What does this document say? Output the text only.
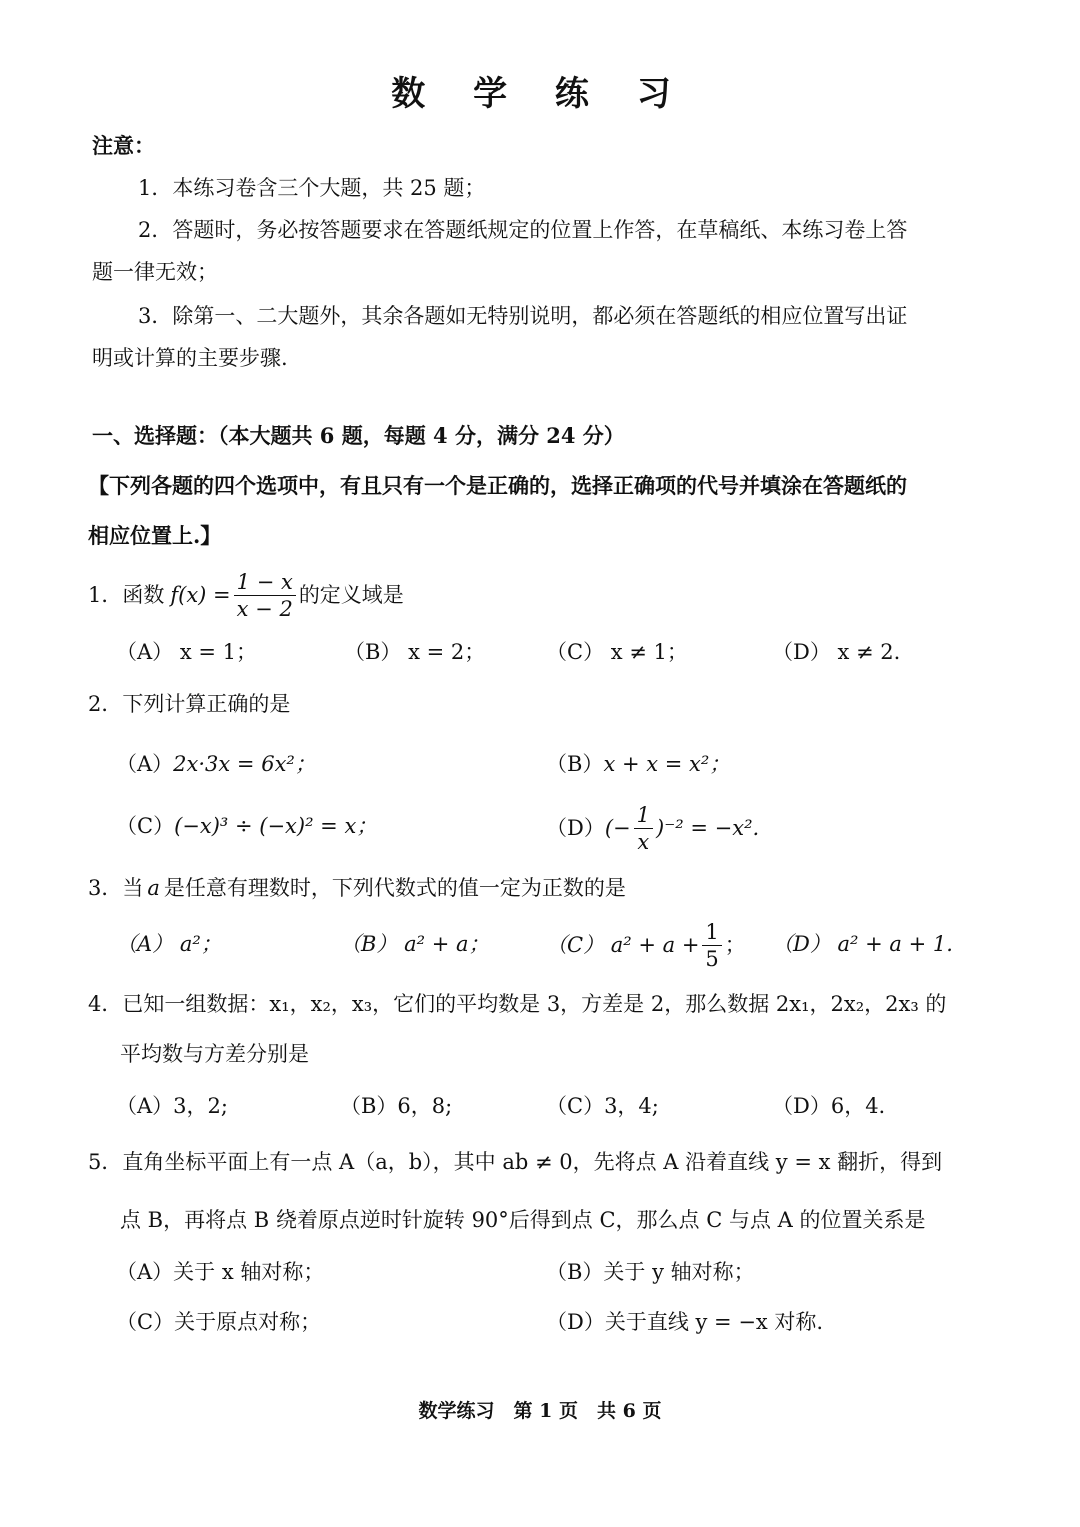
数 学 练 习
注意：
1．本练习卷含三个大题，共 25 题；
2．答题时，务必按答题要求在答题纸规定的位置上作答，在草稿纸、本练习卷上答
题一律无效；
3．除第一、二大题外，其余各题如无特别说明，都必须在答题纸的相应位置写出证
明或计算的主要步骤.
一、选择题：（本大题共 6 题，每题 4 分，满分 24 分）
【下列各题的四个选项中，有且只有一个是正确的，选择正确项的代号并填涂在答题纸的
相应位置上.】
1．函数 $f(x) = \frac{1 - x}{x - 2}$ 的定义域是
（A） x = 1；	（B） x = 2；	（C） x ≠ 1；	（D） x ≠ 2.
2．下列计算正确的是
（A）2x·3x = 6x²；	（B）x + x = x²；
（C）(−x)³ ÷ (−x)² = x；	（D） (− $\frac{1}{x} )^{-2} = -x^2$.
3．当 a 是任意有理数时，下列代数式的值一定为正数的是
（A） a²；	（B） a² + a；	（C） $a^2 + a + \frac{1}{5}$ ； （D） a² + a + 1.
4．已知一组数据：x₁，x₂，x₃，它们的平均数是 3，方差是 2，那么数据 2x₁，2x₂，2x₃ 的
平均数与方差分别是
（A）3，2;	（B）6，8;	（C）3，4;	（D）6，4.
5．直角坐标平面上有一点 A（a，b），其中 ab ≠ 0，先将点 A 沿着直线 y = x 翻折，得到
点 B，再将点 B 绕着原点逆时针旋转 90°后得到点 C，那么点 C 与点 A 的位置关系是
（A）关于 x 轴对称；	（B）关于 y 轴对称；
（C）关于原点对称；	（D）关于直线 y = −x 对称.
数学练习　第 1 页　共 6 页
